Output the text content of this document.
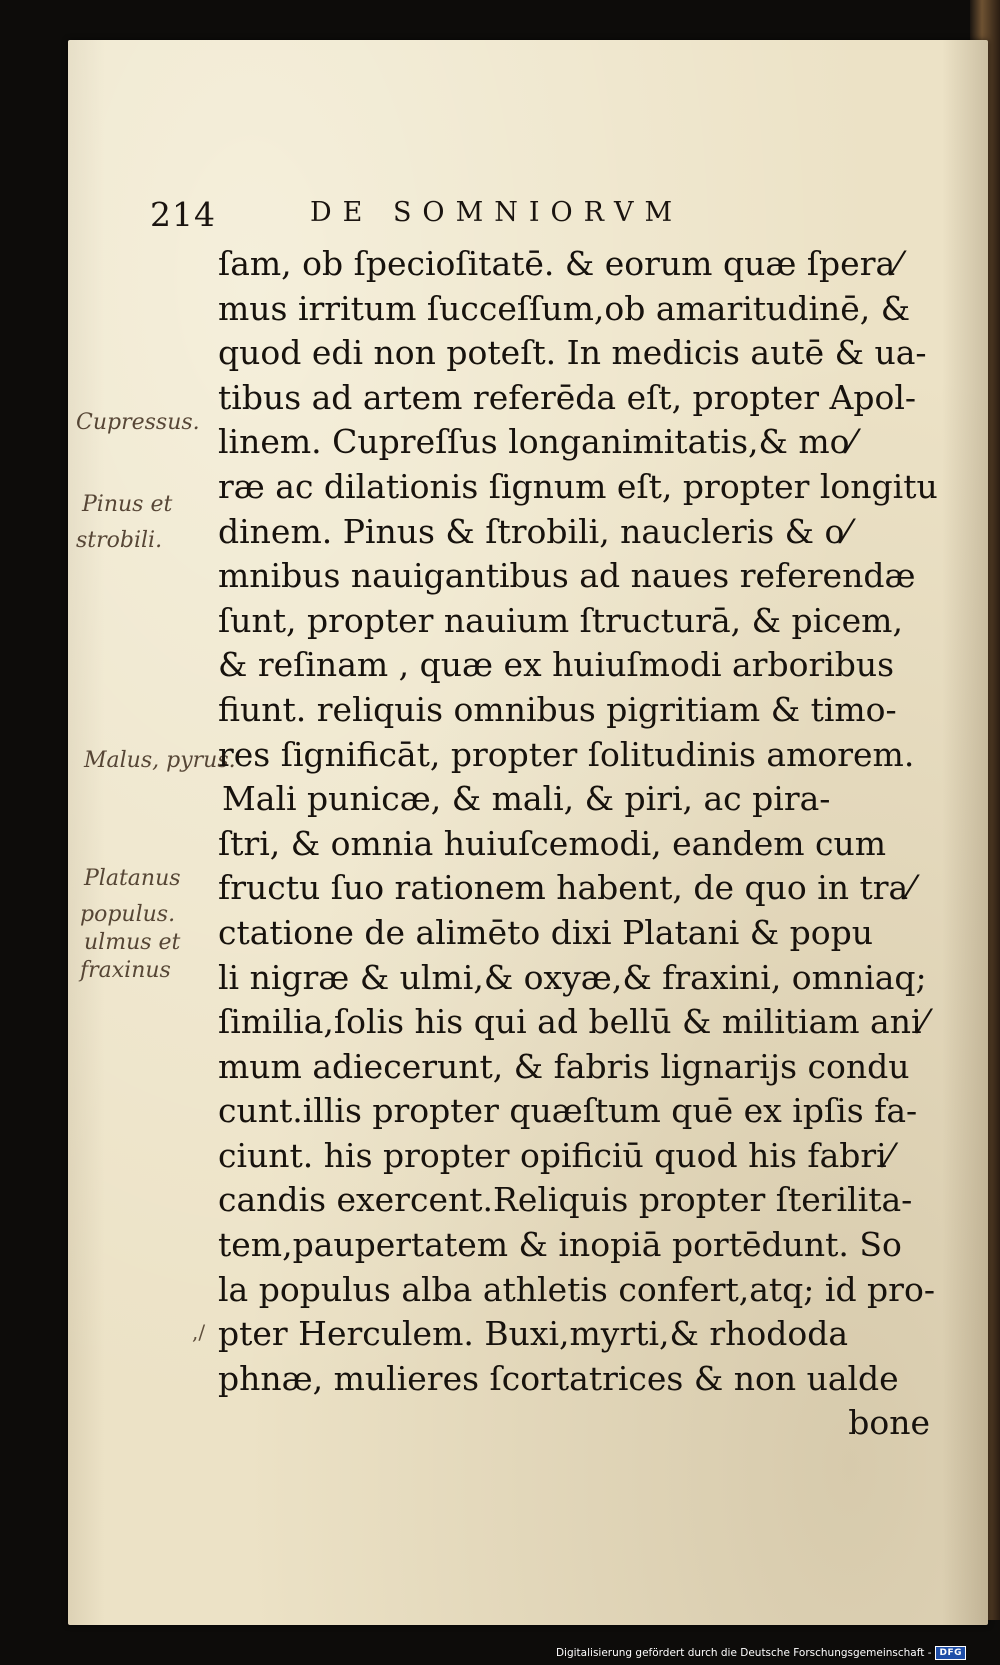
214	DE SOMNIORVM
Cupressus.
Pinus et
strobili.
Malus, pyrus.
Platanus
populus.
ulmus et
fraxinus
ſam, ob ſpecioſitatē. & eorum quæ ſpera⁄
mus irritum ſucceſſum,ob amaritudinē, &
quod edi non poteſt. In medicis autē & ua-
tibus ad artem referēda eſt, propter Apol-
linem. Cupreſſus longanimitatis,& mo⁄
ræ ac dilationis ſignum eſt, propter longitu
dinem. Pinus & ſtrobili, naucleris & o⁄
mnibus nauigantibus ad naues referendæ
ſunt, propter nauium ſtructurā, & picem,
& reſinam , quæ ex huiuſmodi arboribus
fiunt. reliquis omnibus pigritiam & timo-
res ſignificāt, propter ſolitudinis amorem.
Mali punicæ, & mali, & piri, ac pira-
ſtri, & omnia huiuſcemodi, eandem cum
fructu ſuo rationem habent, de quo in tra⁄
ctatione de alimēto dixi Platani & popu
li nigræ & ulmi,& oxyæ,& fraxini, omniaq;
ſimilia,ſolis his qui ad bellū & militiam ani⁄
mum adiecerunt, & fabris lignarijs condu
cunt.illis propter quæſtum quē ex ipſis fa-
ciunt. his propter opificiū quod his fabri⁄
candis exercent.Reliquis propter ſterilita-
tem,paupertatem & inopiā portēdunt. So
la populus alba athletis confert,atq; id pro-
pter Herculem. Buxi,myrti,& rhododa
phnæ, mulieres ſcortatrices & non ualde
bone
,/
Digitalisierung gefördert durch die Deutsche Forschungsgemeinschaft - DFG
